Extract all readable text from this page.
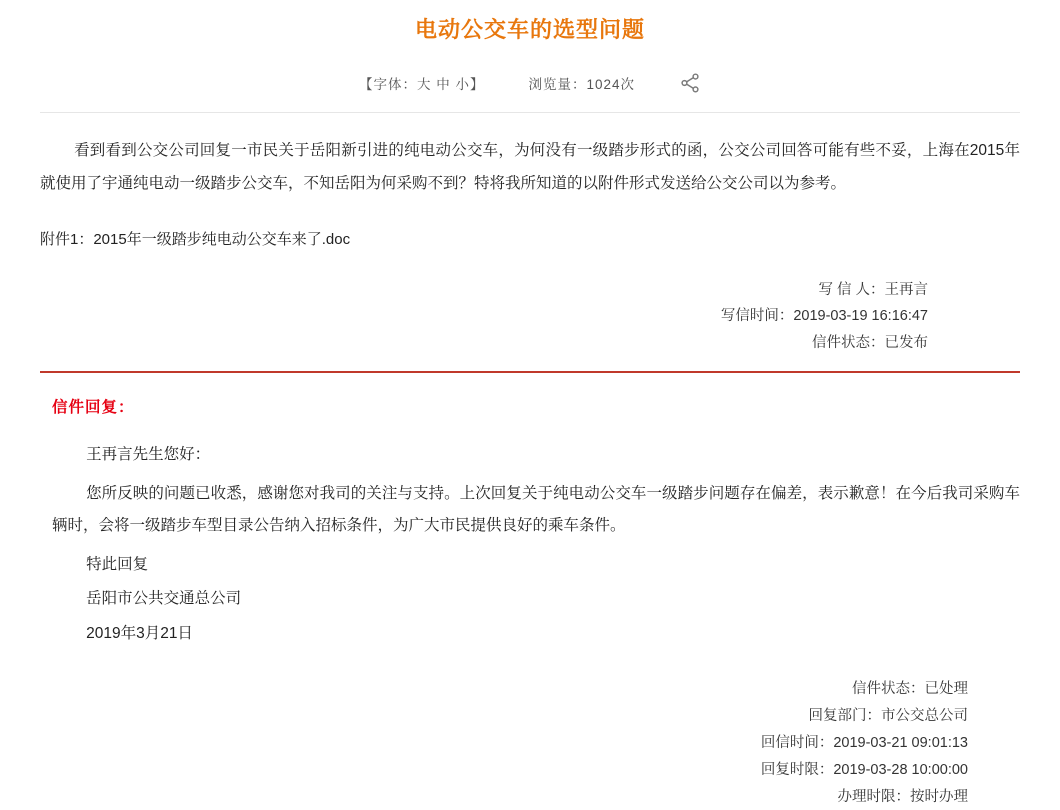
电动公交车的选型问题
【字体：大 中 小】	浏览量：1024次
看到看到公交公司回复一市民关于岳阳新引进的纯电动公交车，为何没有一级踏步形式的函，公交公司回答可能有些不妥，上海在2015年就使用了宇通纯电动一级踏步公交车，不知岳阳为何采购不到？特将我所知道的以附件形式发送给公交公司以为参考。
附件1：2015年一级踏步纯电动公交车来了.doc
写 信 人：王再言
写信时间：2019-03-19 16:16:47
信件状态：已发布
信件回复：

王再言先生您好：

您所反映的问题已收悉，感谢您对我司的关注与支持。上次回复关于纯电动公交车一级踏步问题存在偏差，表示歉意！在今后我司采购车辆时，会将一级踏步车型目录公告纳入招标条件，为广大市民提供良好的乘车条件。

特此回复

岳阳市公共交通总公司

2019年3月21日

信件状态：已处理
回复部门：市公交总公司
回信时间：2019-03-21 09:01:13
回复时限：2019-03-28 10:00:00
办理时限：按时办理
